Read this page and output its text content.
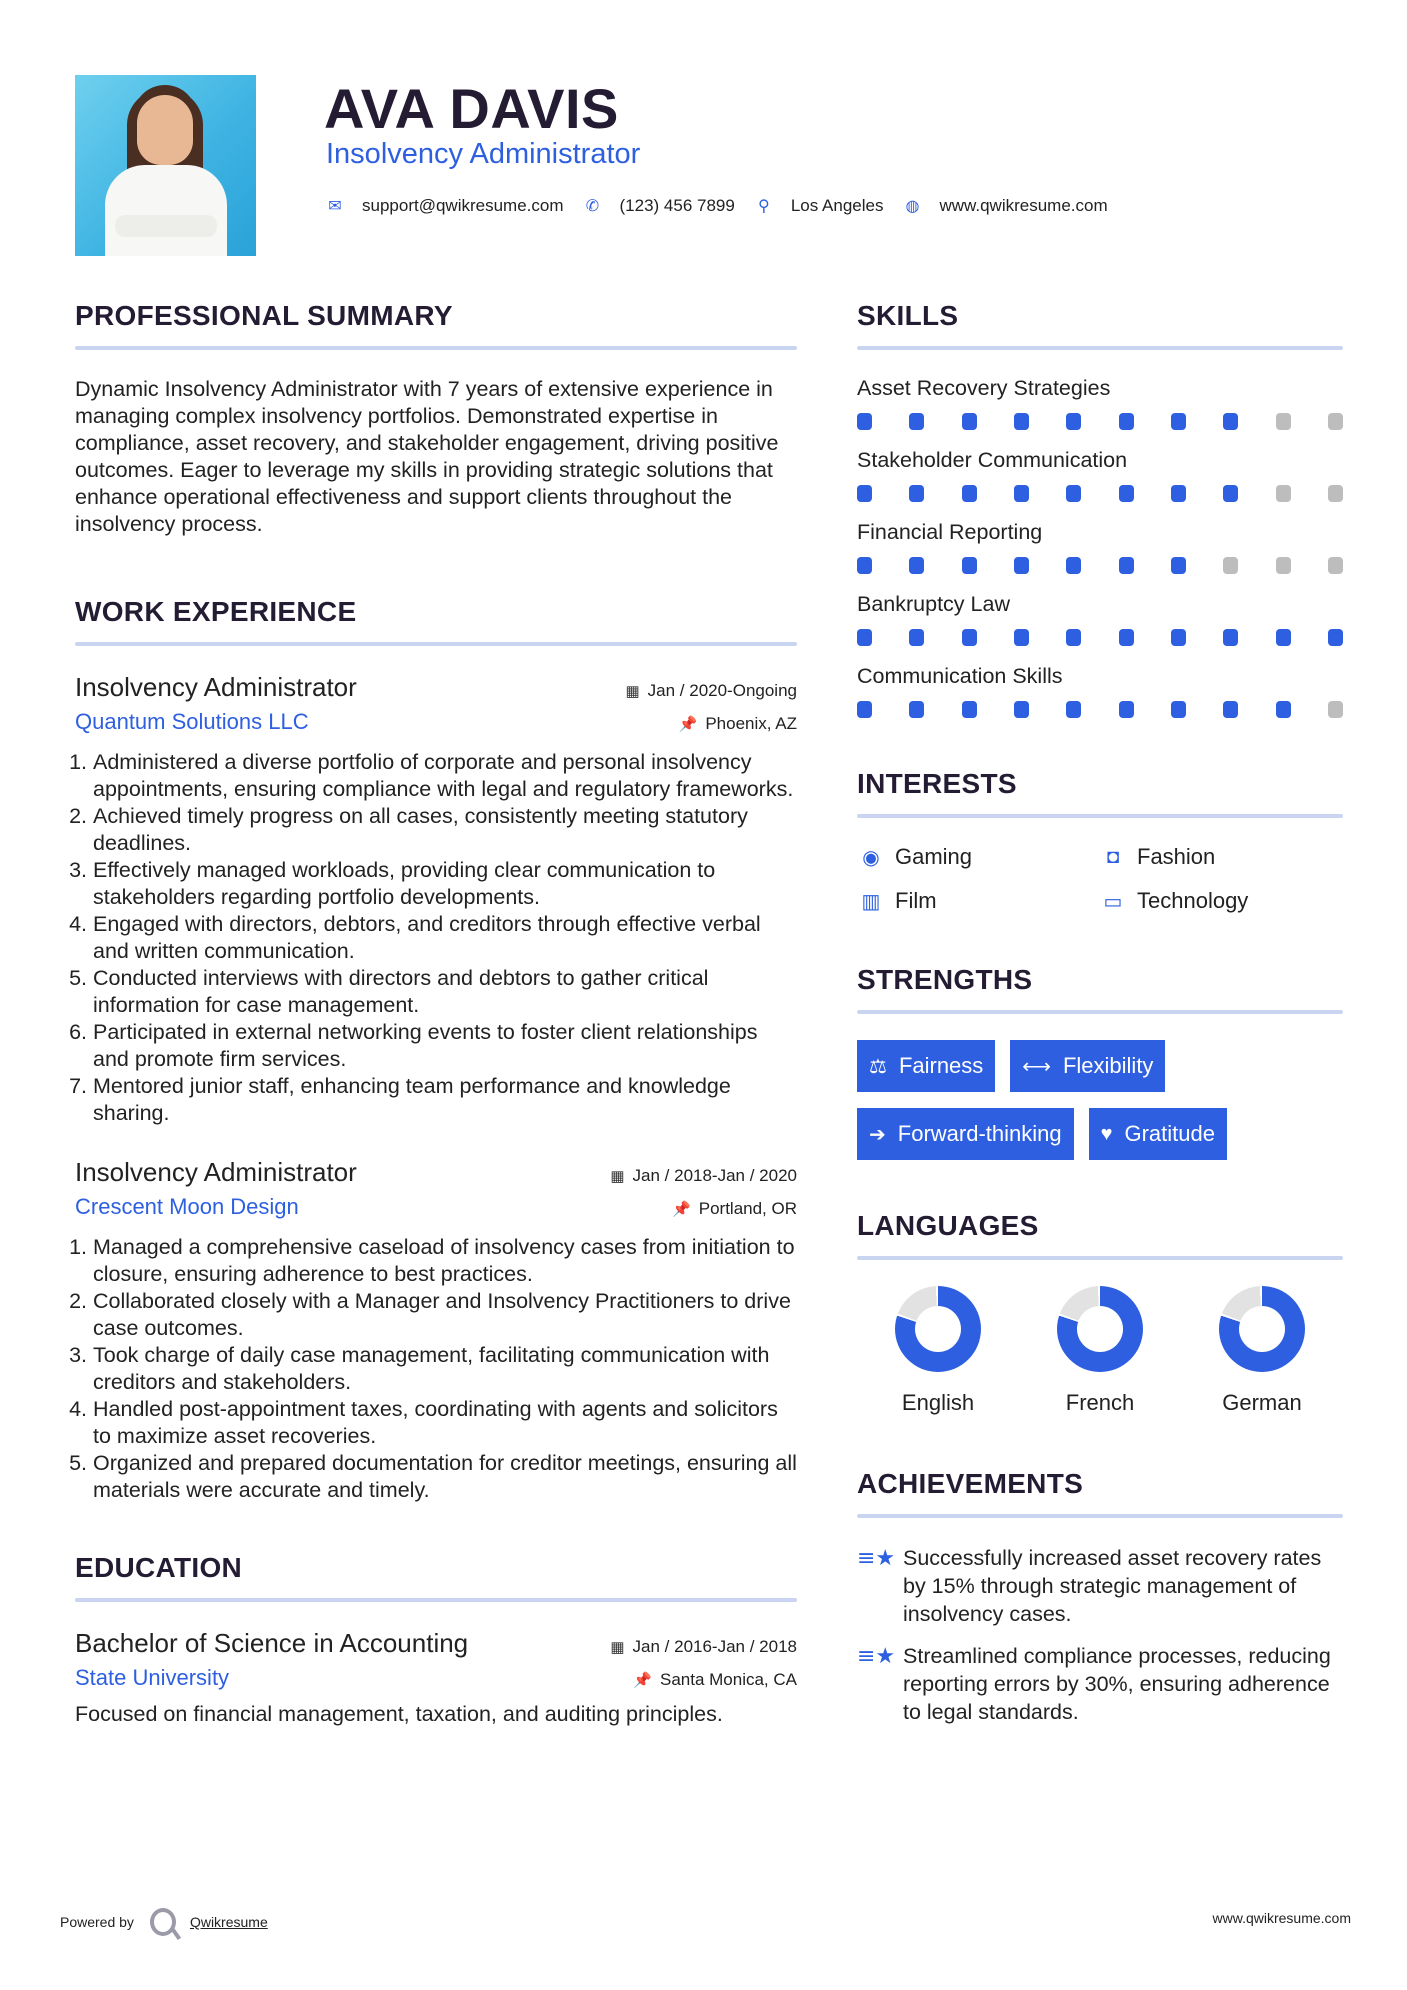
AVA DAVIS
Insolvency Administrator
✉ support@qwikresume.com ✆ (123) 456 7899 ⚲ Los Angeles ◍ www.qwikresume.com
PROFESSIONAL SUMMARY

Dynamic Insolvency Administrator with 7 years of extensive experience in managing complex insolvency portfolios. Demonstrated expertise in compliance, asset recovery, and stakeholder engagement, driving positive outcomes. Eager to leverage my skills in providing strategic solutions that enhance operational effectiveness and support clients throughout the insolvency process.

WORK EXPERIENCE
Insolvency Administrator	▦ Jan / 2020-Ongoing
Quantum Solutions LLC	📌 Phoenix, AZ
1. Administered a diverse portfolio of corporate and personal insolvency appointments, ensuring compliance with legal and regulatory frameworks.
2. Achieved timely progress on all cases, consistently meeting statutory deadlines.
3. Effectively managed workloads, providing clear communication to stakeholders regarding portfolio developments.
4. Engaged with directors, debtors, and creditors through effective verbal and written communication.
5. Conducted interviews with directors and debtors to gather critical information for case management.
6. Participated in external networking events to foster client relationships and promote firm services.
7. Mentored junior staff, enhancing team performance and knowledge sharing.
Insolvency Administrator	▦ Jan / 2018-Jan / 2020
Crescent Moon Design	📌 Portland, OR
1. Managed a comprehensive caseload of insolvency cases from initiation to closure, ensuring adherence to best practices.
2. Collaborated closely with a Manager and Insolvency Practitioners to drive case outcomes.
3. Took charge of daily case management, facilitating communication with creditors and stakeholders.
4. Handled post-appointment taxes, coordinating with agents and solicitors to maximize asset recoveries.
5. Organized and prepared documentation for creditor meetings, ensuring all materials were accurate and timely.
EDUCATION
Bachelor of Science in Accounting	▦ Jan / 2016-Jan / 2018
State University	📌 Santa Monica, CA

Focused on financial management, taxation, and auditing principles.

SKILLS
Asset Recovery Strategies
Stakeholder Communication
Financial Reporting
Bankruptcy Law
Communication Skills
INTERESTS
◉ Gaming	◘ Fashion
▥ Film	▭ Technology
STRENGTHS
⚖ Fairness ⟷ Flexibility
➔ Forward-thinking ♥ Gratitude
LANGUAGES
English	French	German
ACHIEVEMENTS
≡★ Successfully increased asset recovery rates by 15% through strategic management of insolvency cases.
≡★ Streamlined compliance processes, reducing reporting errors by 30%, ensuring adherence to legal standards.
Powered by	Qwikresume	www.qwikresume.com
